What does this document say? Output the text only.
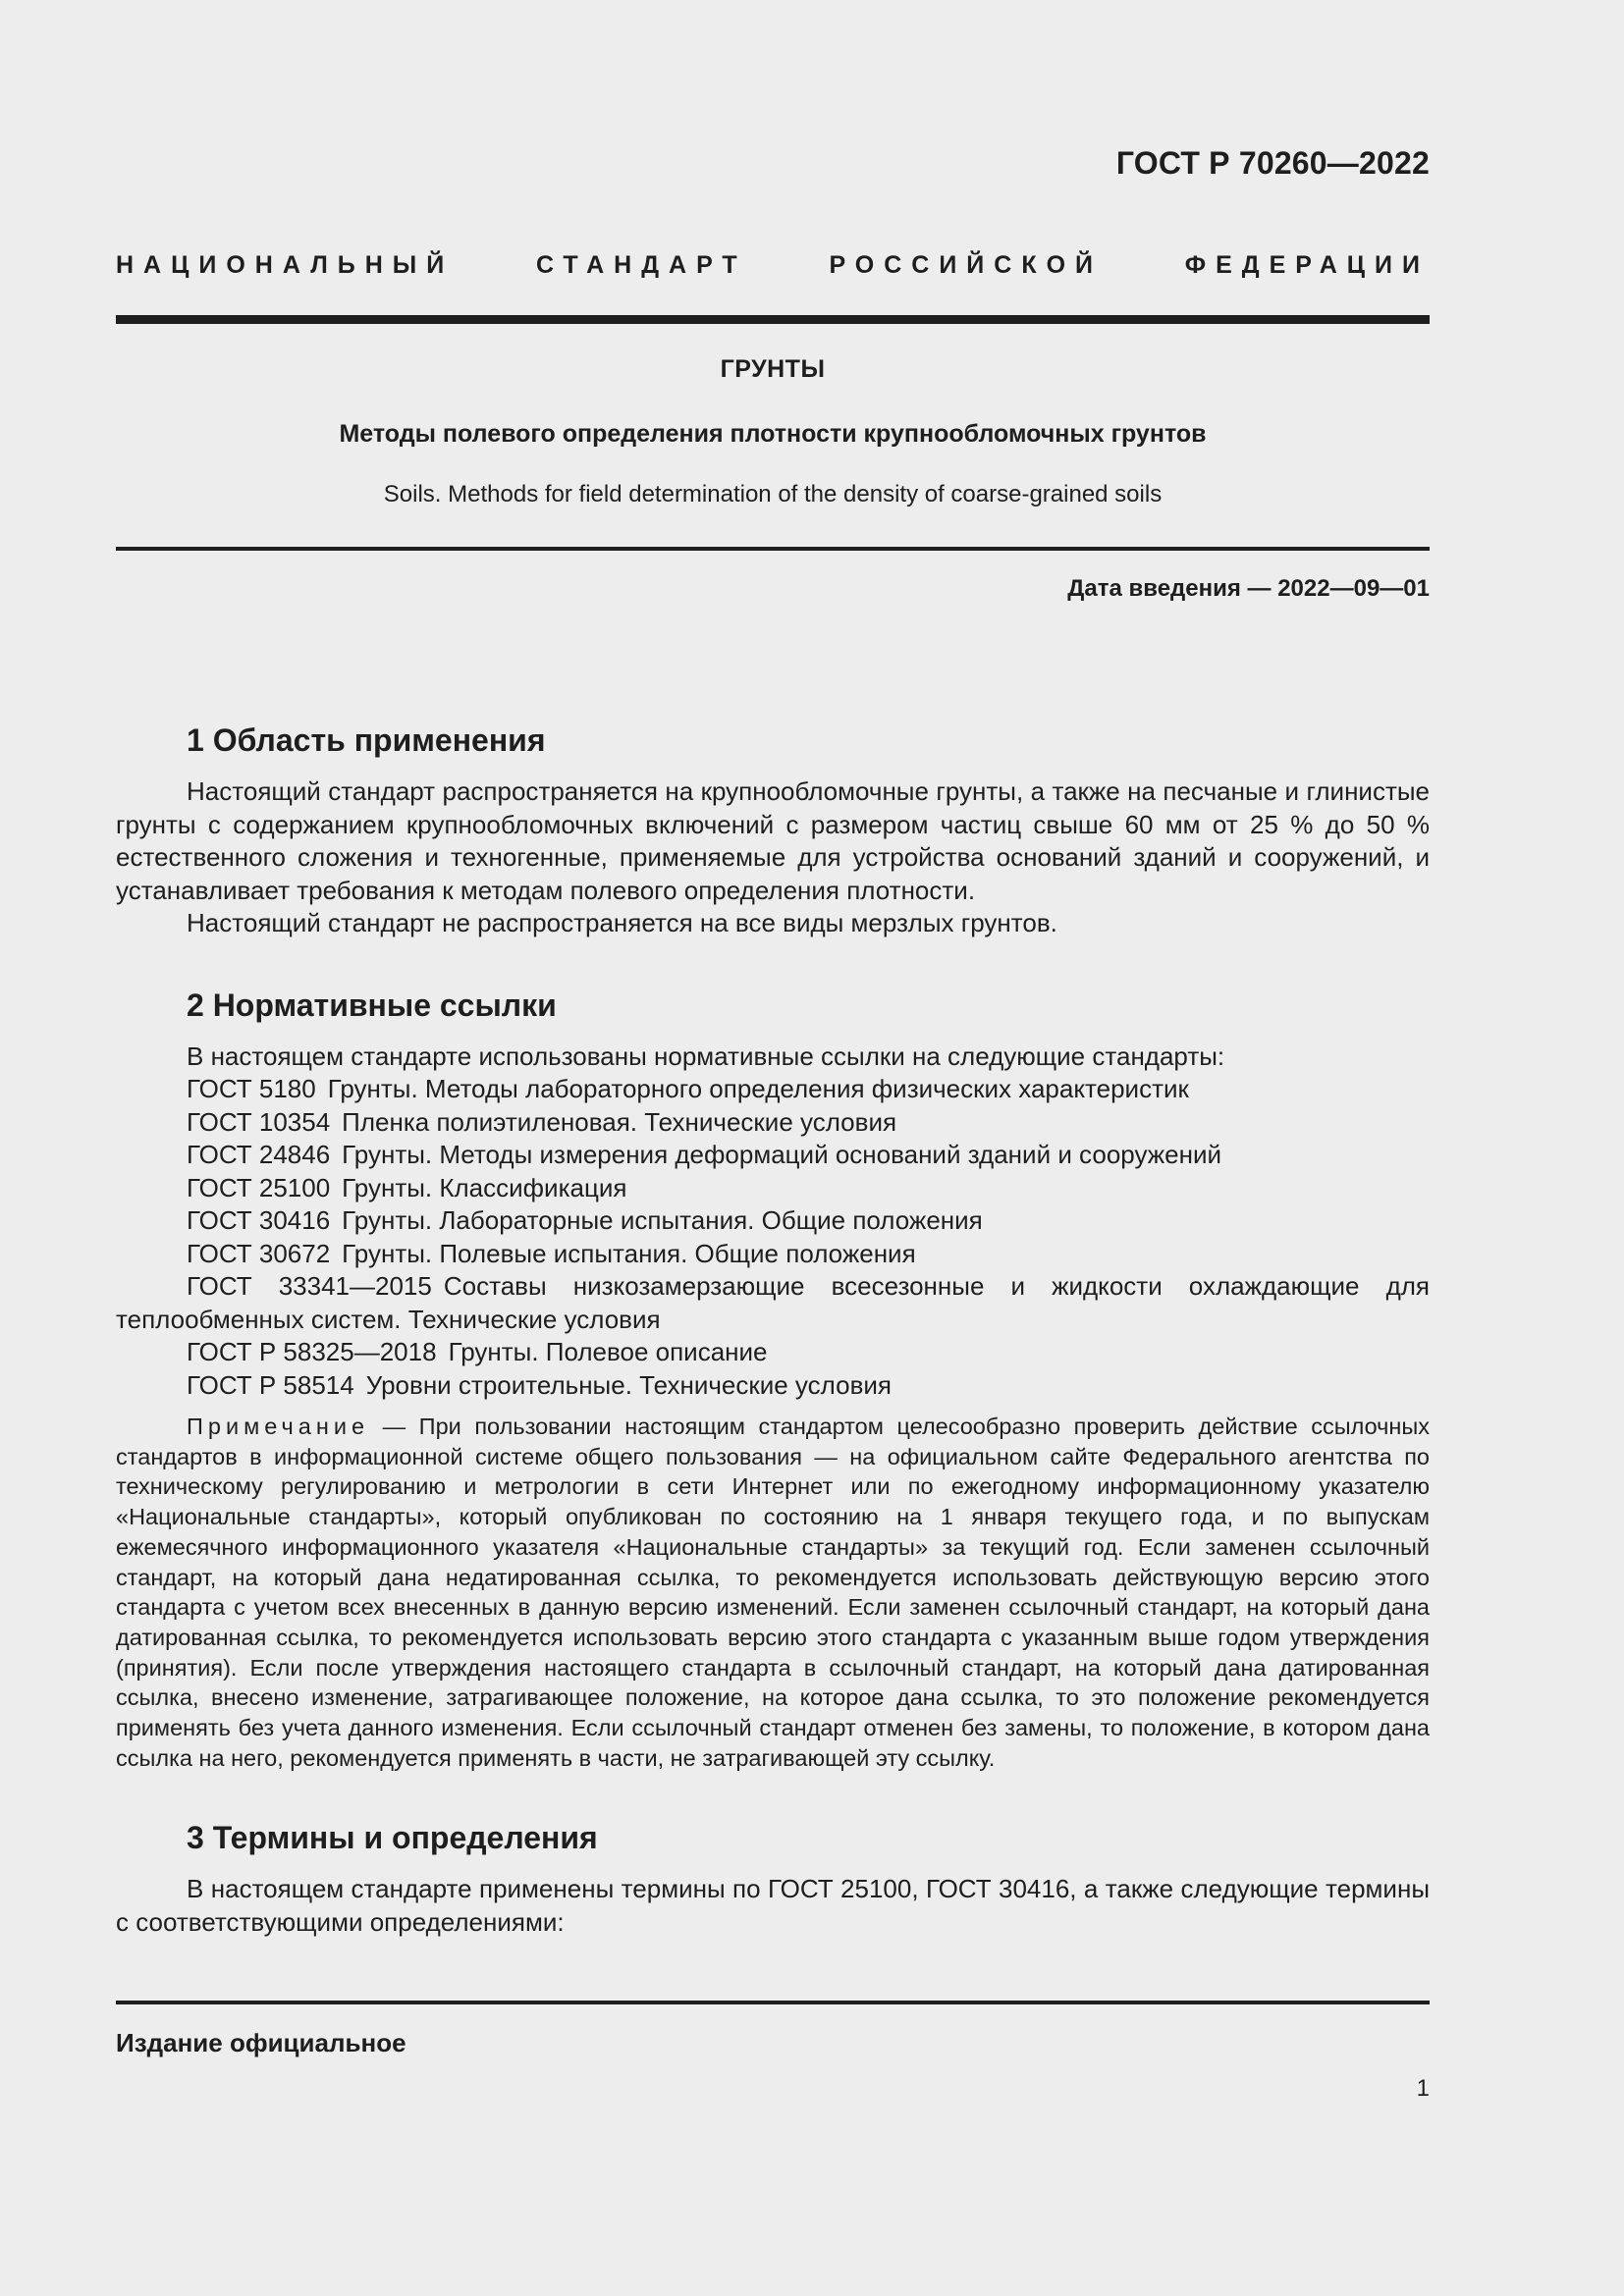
ГОСТ Р 70260—2022
НАЦИОНАЛЬНЫЙ СТАНДАРТ РОССИЙСКОЙ ФЕДЕРАЦИИ
ГРУНТЫ
Методы полевого определения плотности крупнообломочных грунтов
Soils. Methods for field determination of the density of coarse-grained soils
Дата введения — 2022—09—01
1 Область применения

Настоящий стандарт распространяется на крупнообломочные грунты, а также на песчаные и глинистые грунты с содержанием крупнообломочных включений с размером частиц свыше 60 мм от 25 % до 50 % естественного сложения и техногенные, применяемые для устройства оснований зданий и сооружений, и устанавливает требования к методам полевого определения плотности.

Настоящий стандарт не распространяется на все виды мерзлых грунтов.

2 Нормативные ссылки

В настоящем стандарте использованы нормативные ссылки на следующие стандарты:

ГОСТ 5180 Грунты. Методы лабораторного определения физических характеристик

ГОСТ 10354 Пленка полиэтиленовая. Технические условия

ГОСТ 24846 Грунты. Методы измерения деформаций оснований зданий и сооружений

ГОСТ 25100 Грунты. Классификация

ГОСТ 30416 Грунты. Лабораторные испытания. Общие положения

ГОСТ 30672 Грунты. Полевые испытания. Общие положения

ГОСТ 33341—2015 Составы низкозамерзающие всесезонные и жидкости охлаждающие для теплообменных систем. Технические условия

ГОСТ Р 58325—2018 Грунты. Полевое описание

ГОСТ Р 58514 Уровни строительные. Технические условия

Примечание — При пользовании настоящим стандартом целесообразно проверить действие ссылочных стандартов в информационной системе общего пользования — на официальном сайте Федерального агентства по техническому регулированию и метрологии в сети Интернет или по ежегодному информационному указателю «Национальные стандарты», который опубликован по состоянию на 1 января текущего года, и по выпускам ежемесячного информационного указателя «Национальные стандарты» за текущий год. Если заменен ссылочный стандарт, на который дана недатированная ссылка, то рекомендуется использовать действующую версию этого стандарта с учетом всех внесенных в данную версию изменений. Если заменен ссылочный стандарт, на который дана датированная ссылка, то рекомендуется использовать версию этого стандарта с указанным выше годом утверждения (принятия). Если после утверждения настоящего стандарта в ссылочный стандарт, на который дана датированная ссылка, внесено изменение, затрагивающее положение, на которое дана ссылка, то это положение рекомендуется применять без учета данного изменения. Если ссылочный стандарт отменен без замены, то положение, в котором дана ссылка на него, рекомендуется применять в части, не затрагивающей эту ссылку.

3 Термины и определения

В настоящем стандарте применены термины по ГОСТ 25100, ГОСТ 30416, а также следующие термины с соответствующими определениями:

Издание официальное
1
